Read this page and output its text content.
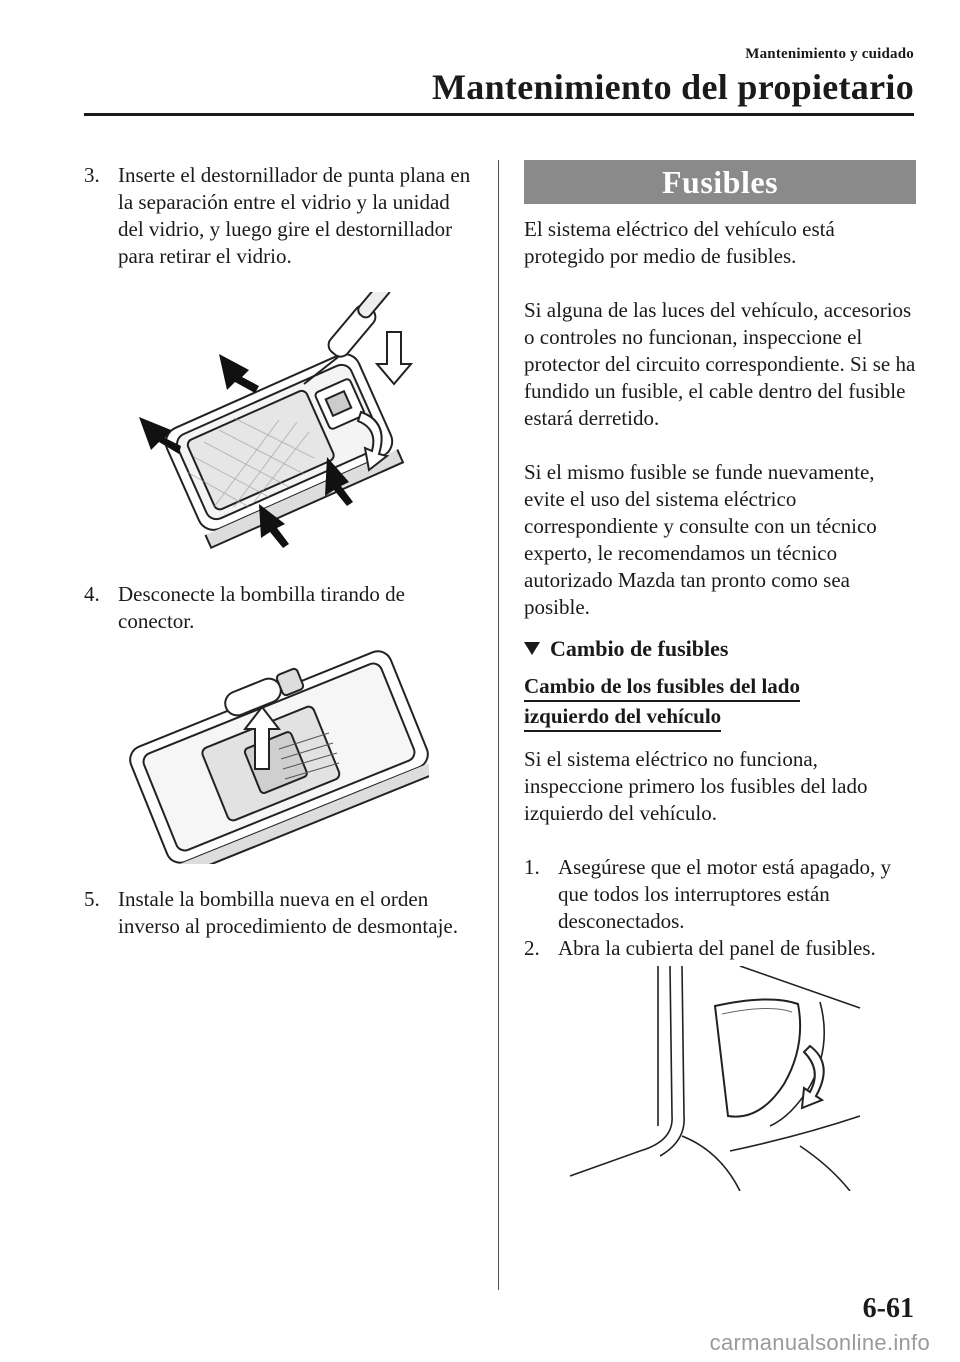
Mantenimiento y cuidado
Mantenimiento del propietario
3. Inserte el destornillador de punta plana en la separación entre el vidrio y la unidad del vidrio, y luego gire el destornillador para retirar el vidrio.
4. Desconecte la bombilla tirando de conector.
5. Instale la bombilla nueva en el orden inverso al procedimiento de desmontaje.
Fusibles
El sistema eléctrico del vehículo está protegido por medio de fusibles.
Si alguna de las luces del vehículo, accesorios o controles no funcionan, inspeccione el protector del circuito correspondiente. Si se ha fundido un fusible, el cable dentro del fusible estará derretido.
Si el mismo fusible se funde nuevamente, evite el uso del sistema eléctrico correspondiente y consulte con un técnico experto, le recomendamos un técnico autorizado Mazda tan pronto como sea posible.
Cambio de fusibles
Cambio de los fusibles del lado
izquierdo del vehículo
Si el sistema eléctrico no funciona, inspeccione primero los fusibles del lado izquierdo del vehículo.
1. Asegúrese que el motor está apagado, y que todos los interruptores están desconectados.
2. Abra la cubierta del panel de fusibles.
6-61
carmanualsonline.info
